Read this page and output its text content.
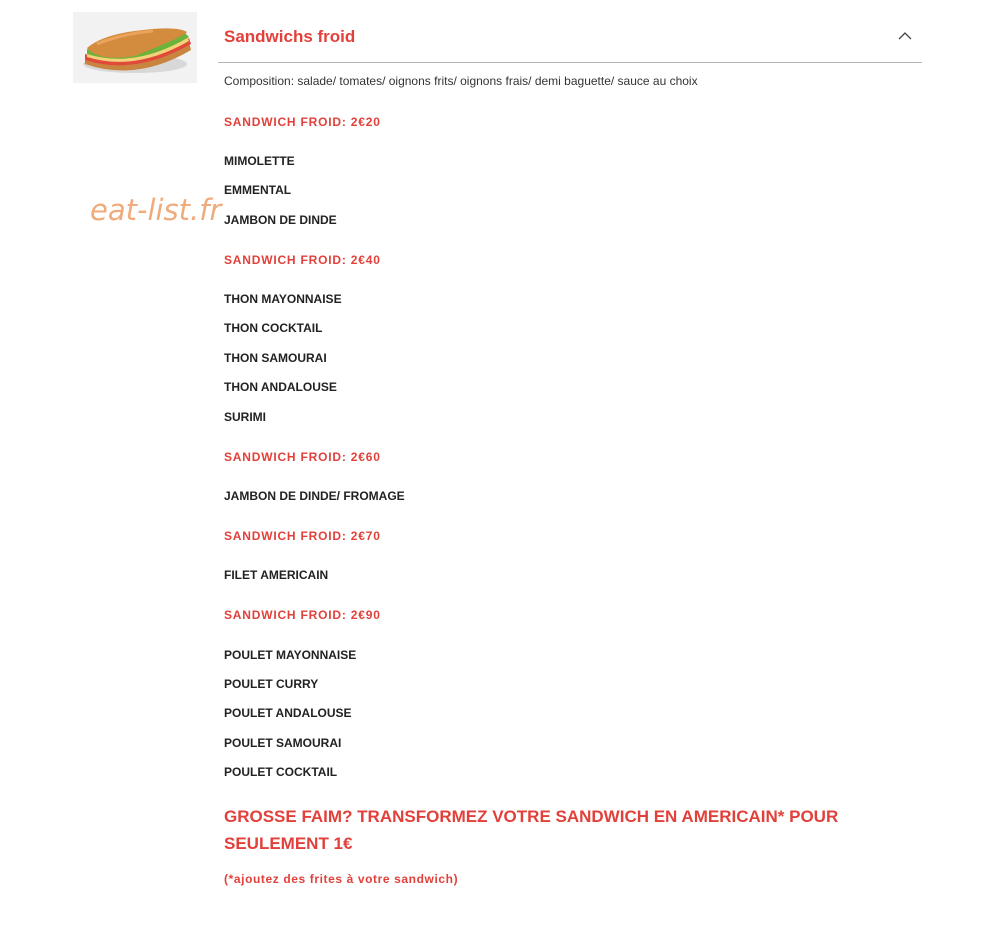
eat-list.fr
Sandwichs froid
Composition: salade/ tomates/ oignons frits/ oignons frais/ demi baguette/ sauce au choix
SANDWICH FROID: 2€20
MIMOLETTE
EMMENTAL
JAMBON DE DINDE
SANDWICH FROID: 2€40
THON MAYONNAISE
THON COCKTAIL
THON SAMOURAI
THON ANDALOUSE
SURIMI
SANDWICH FROID: 2€60
JAMBON DE DINDE/ FROMAGE
SANDWICH FROID: 2€70
FILET AMERICAIN
SANDWICH FROID: 2€90
POULET MAYONNAISE
POULET CURRY
POULET ANDALOUSE
POULET SAMOURAI
POULET COCKTAIL
GROSSE FAIM? TRANSFORMEZ VOTRE SANDWICH EN AMERICAIN* POUR SEULEMENT 1€
(*ajoutez des frites à votre sandwich)
